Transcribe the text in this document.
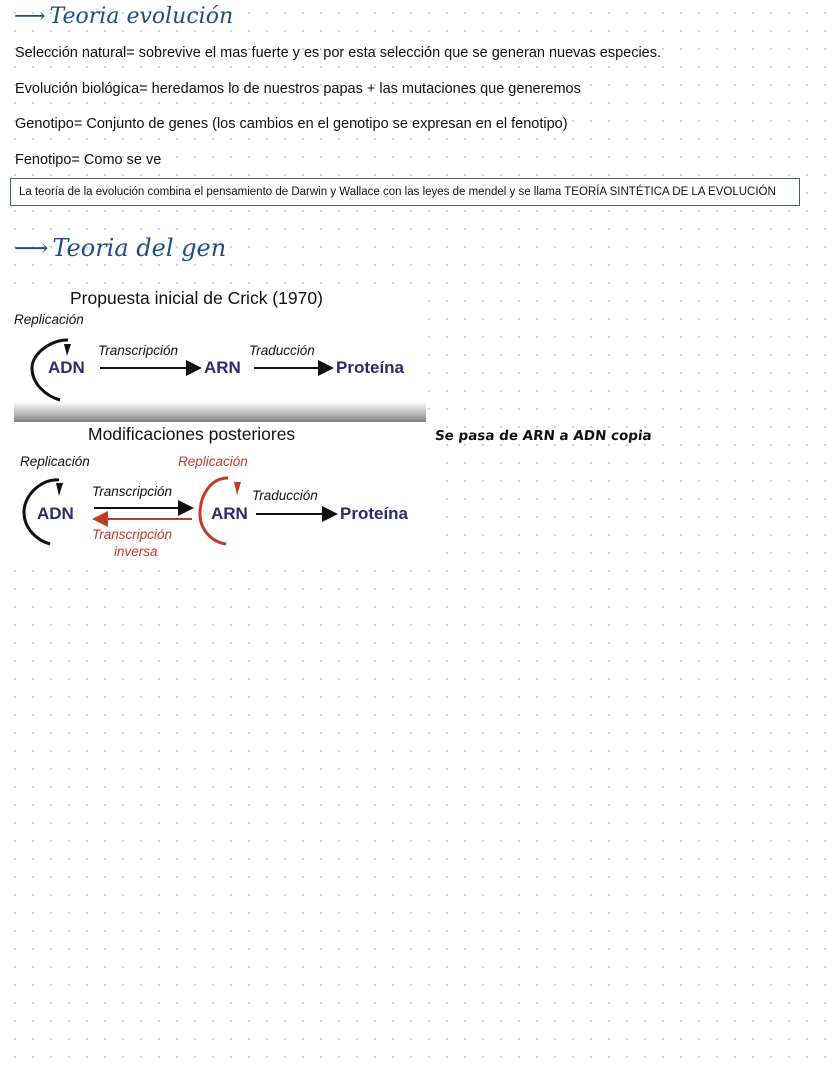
⟶ Teoria evolución
Selección natural= sobrevive el mas fuerte y es por esta selección que se generan nuevas especies.
Evolución biológica= heredamos lo de nuestros papas + las mutaciones que generemos
Genotipo= Conjunto de genes (los cambios en el genotipo se expresan en el fenotipo)
Fenotipo= Como se ve
La teoría de la evolución combina el pensamiento de Darwin y Wallace con las leyes de mendel y se llama TEORÍA SINTÉTICA DE LA EVOLUCIÓN
⟶ Teoria del gen
Propuesta inicial de Crick (1970)
Replicación
Transcripción	Traducción
ADN	ARN	Proteína
Modificaciones posteriores
Replicación	Replicación
Transcripción	Traducción
Transcripción
inversa
ADN	ARN	Proteína
Se pasa de ARN a ADN copia
